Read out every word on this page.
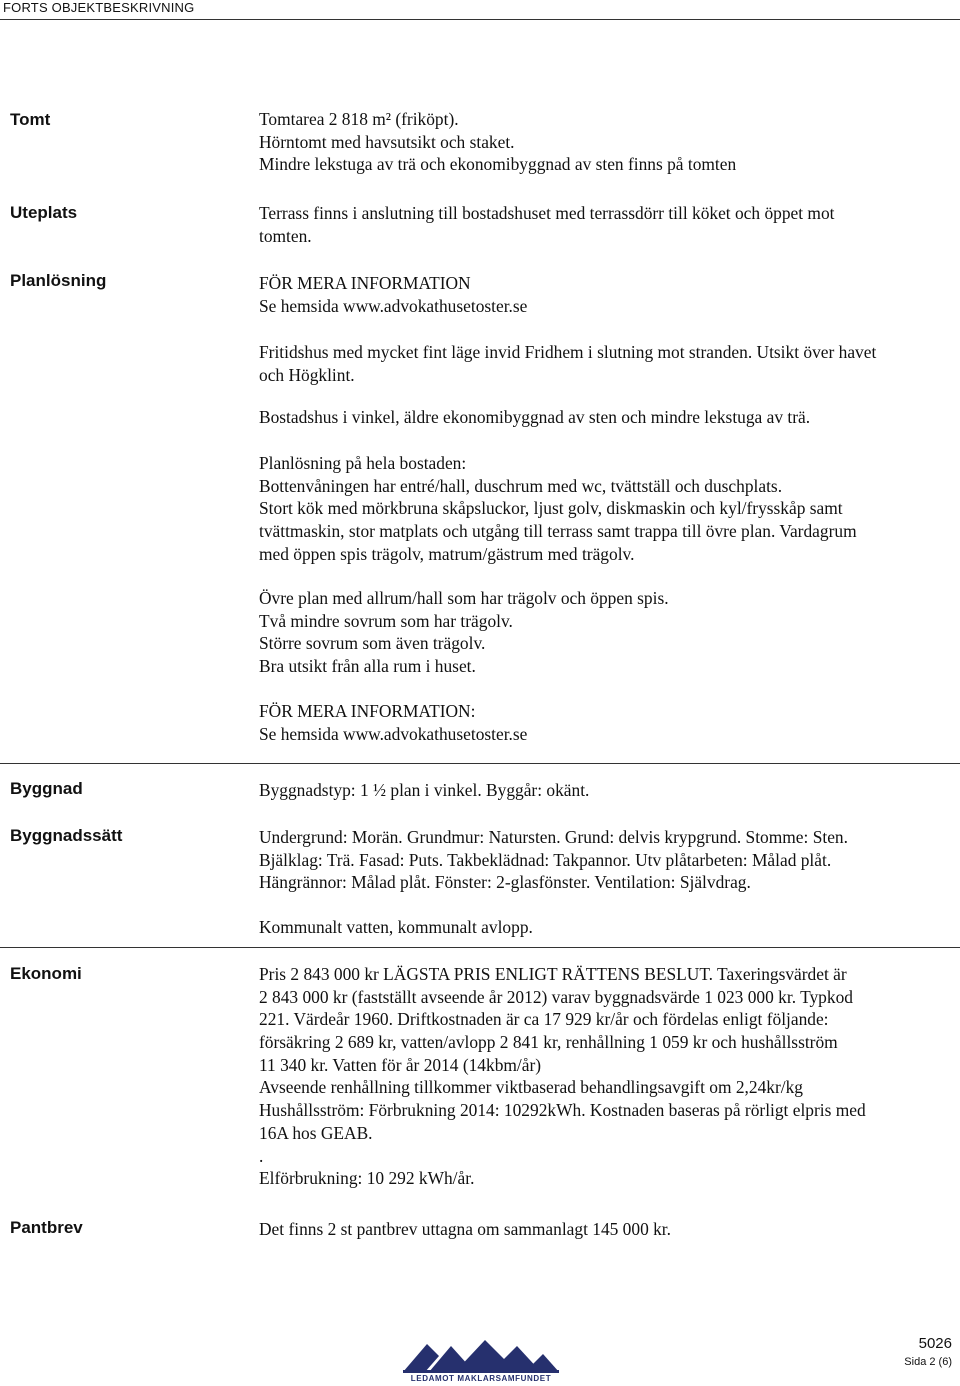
FORTS OBJEKTBESKRIVNING
Tomt
Uteplats
Planlösning
Byggnad
Byggnadssätt
Ekonomi
Pantbrev
Tomtarea 2 818 m² (friköpt).
Hörntomt med havsutsikt och staket.
Mindre lekstuga av trä och ekonomibyggnad av sten finns på tomten
Terrass finns i anslutning till bostadshuset med terrassdörr till köket och öppet mot
tomten.
FÖR MERA INFORMATION
Se hemsida www.advokathusetoster.se
Fritidshus med mycket fint läge invid Fridhem i slutning mot stranden. Utsikt över havet
och Högklint.
Bostadshus i vinkel, äldre ekonomibyggnad av sten och mindre lekstuga av trä.
Planlösning på hela bostaden:
Bottenvåningen har entré/hall, duschrum med wc, tvättställ och duschplats.
Stort kök med mörkbruna skåpsluckor, ljust golv, diskmaskin och kyl/frysskåp samt
tvättmaskin, stor matplats och utgång till terrass samt trappa till övre plan. Vardagrum
med öppen spis trägolv, matrum/gästrum med trägolv.
Övre plan med allrum/hall som har trägolv och öppen spis.
Två mindre sovrum som har trägolv.
Större sovrum som även trägolv.
Bra utsikt från alla rum i huset.
FÖR MERA INFORMATION:
Se hemsida www.advokathusetoster.se
Byggnadstyp: 1 ½ plan i vinkel. Byggår: okänt.
Undergrund: Morän. Grundmur: Natursten. Grund: delvis krypgrund. Stomme: Sten.
Bjälklag: Trä. Fasad: Puts. Takbeklädnad: Takpannor. Utv plåtarbeten: Målad plåt.
Hängrännor: Målad plåt. Fönster: 2-glasfönster. Ventilation: Självdrag.
Kommunalt vatten, kommunalt avlopp.
Pris 2 843 000 kr LÄGSTA PRIS ENLIGT RÄTTENS BESLUT. Taxeringsvärdet är
2 843 000 kr (fastställt avseende år 2012) varav byggnadsvärde 1 023 000 kr. Typkod
221. Värdeår 1960. Driftkostnaden är ca 17 929 kr/år och fördelas enligt följande:
försäkring 2 689 kr, vatten/avlopp 2 841 kr, renhållning 1 059 kr och hushållsström
11 340 kr. Vatten för år 2014 (14kbm/år)
Avseende renhållning tillkommer viktbaserad behandlingsavgift om 2,24kr/kg
Hushållsström: Förbrukning 2014: 10292kWh. Kostnaden baseras på rörligt elpris med
16A hos GEAB.
.
Elförbrukning: 10 292 kWh/år.
Det finns 2 st pantbrev uttagna om sammanlagt 145 000 kr.
LEDAMOT MAKLARSAMFUNDET
5026
Sida 2 (6)
